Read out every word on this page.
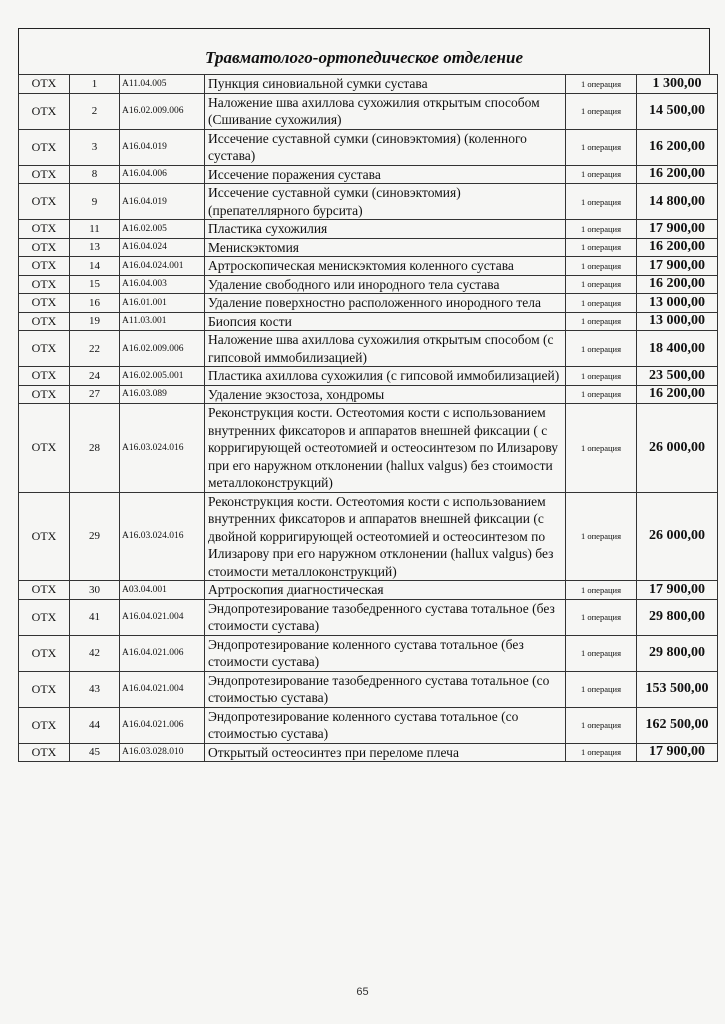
Травматолого-ортопедическое отделение
ОТХ	1	А11.04.005	Пункция синовиальной сумки сустава	1 операция	1 300,00
ОТХ	2	А16.02.009.006	Наложение шва ахиллова сухожилия открытым способом (Сшивание сухожилия)	1 операция	14 500,00
ОТХ	3	А16.04.019	Иссечение суставной сумки (синовэктомия) (коленного сустава)	1 операция	16 200,00
ОТХ	8	А16.04.006	Иссечение поражения сустава	1 операция	16 200,00
ОТХ	9	А16.04.019	Иссечение суставной сумки (синовэктомия) (препателлярного бурсита)	1 операция	14 800,00
ОТХ	11	А16.02.005	Пластика сухожилия	1 операция	17 900,00
ОТХ	13	А16.04.024	Менискэктомия	1 операция	16 200,00
ОТХ	14	А16.04.024.001	Артроскопическая менискэктомия коленного сустава	1 операция	17 900,00
ОТХ	15	А16.04.003	Удаление свободного или инородного тела сустава	1 операция	16 200,00
ОТХ	16	А16.01.001	Удаление поверхностно расположенного инородного тела	1 операция	13 000,00
ОТХ	19	А11.03.001	Биопсия кости	1 операция	13 000,00
ОТХ	22	А16.02.009.006	Наложение шва ахиллова сухожилия открытым способом (с гипсовой иммобилизацией)	1 операция	18 400,00
ОТХ	24	А16.02.005.001	Пластика ахиллова сухожилия (с гипсовой иммобилизацией)	1 операция	23 500,00
ОТХ	27	А16.03.089	Удаление экзостоза, хондромы	1 операция	16 200,00
ОТХ	28	А16.03.024.016	Реконструкция кости. Остеотомия кости с использованием внутренних фиксаторов и аппаратов внешней фиксации ( с корригирующей остеотомией и остеосинтезом по Илизарову при его наружном отклонении (hallux valgus) без стоимости металлоконструкций)	1 операция	26 000,00
ОТХ	29	А16.03.024.016	Реконструкция кости. Остеотомия кости с использованием внутренних фиксаторов и аппаратов внешней фиксации (с двойной корригирующей остеотомией и остеосинтезом по Илизарову при его наружном отклонении (hallux valgus) без стоимости металлоконструкций)	1 операция	26 000,00
ОТХ	30	А03.04.001	Артроскопия диагностическая	1 операция	17 900,00
ОТХ	41	А16.04.021.004	Эндопротезирование тазобедренного сустава тотальное (без стоимости сустава)	1 операция	29 800,00
ОТХ	42	А16.04.021.006	Эндопротезирование коленного сустава тотальное (без стоимости сустава)	1 операция	29 800,00
ОТХ	43	А16.04.021.004	Эндопротезирование тазобедренного сустава тотальное (со стоимостью сустава)	1 операция	153 500,00
ОТХ	44	А16.04.021.006	Эндопротезирование коленного сустава тотальное (со стоимостью сустава)	1 операция	162 500,00
ОТХ	45	А16.03.028.010	Открытый остеосинтез при переломе плеча	1 операция	17 900,00
65
